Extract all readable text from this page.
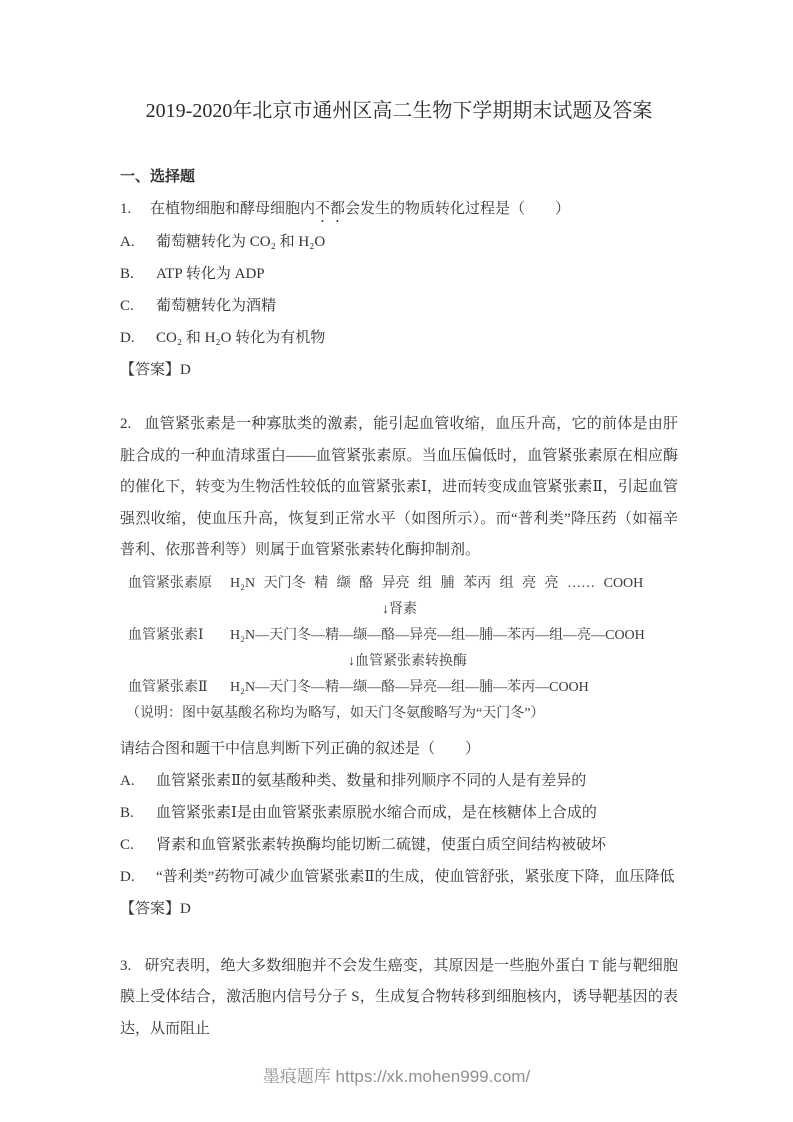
2019-2020年北京市通州区高二生物下学期期末试题及答案
一、选择题
1.	在植物细胞和酵母细胞内不都会发生的物质转化过程是（　　）
A.	葡萄糖转化为 CO₂ 和 H₂O
B.	ATP 转化为 ADP
C.	葡萄糖转化为酒精
D.	CO₂ 和 H₂O 转化为有机物
【答案】D

2. 血管紧张素是一种寡肽类的激素，能引起血管收缩，血压升高，它的前体是由肝脏合成的一种血清球蛋白——血管紧张素原。当血压偏低时，血管紧张素原在相应酶的催化下，转变为生物活性较低的血管紧张素Ⅰ，进而转变成血管紧张素Ⅱ，引起血管强烈收缩，使血压升高，恢复到正常水平（如图所示）。而“普利类”降压药（如福辛普利、依那普利等）则属于血管紧张素转化酶抑制剂。

血管紧张素原	H₂N 天门冬 精 缬 酪 异亮 组 脯 苯丙 组 亮 亮 …… COOH
↓肾素
血管紧张素Ⅰ	H₂N—天门冬—精—缬—酪—异亮—组—脯—苯丙—组—亮—COOH
↓血管紧张素转换酶
血管紧张素Ⅱ	H₂N—天门冬—精—缬—酪—异亮—组—脯—苯丙—COOH
（说明：图中氨基酸名称均为略写，如天门冬氨酸略写为“天门冬”）
请结合图和题干中信息判断下列正确的叙述是（　　）
A.	血管紧张素Ⅱ的氨基酸种类、数量和排列顺序不同的人是有差异的
B.	血管紧张素Ⅰ是由血管紧张素原脱水缩合而成，是在核糖体上合成的
C.	肾素和血管紧张素转换酶均能切断二硫键，使蛋白质空间结构被破坏
D.	“普利类”药物可减少血管紧张素Ⅱ的生成，使血管舒张，紧张度下降，血压降低
【答案】D

3. 研究表明，绝大多数细胞并不会发生癌变，其原因是一些胞外蛋白 T 能与靶细胞膜上受体结合，激活胞内信号分子 S，生成复合物转移到细胞核内，诱导靶基因的表达，从而阻止

墨痕题库 https://xk.mohen999.com/
